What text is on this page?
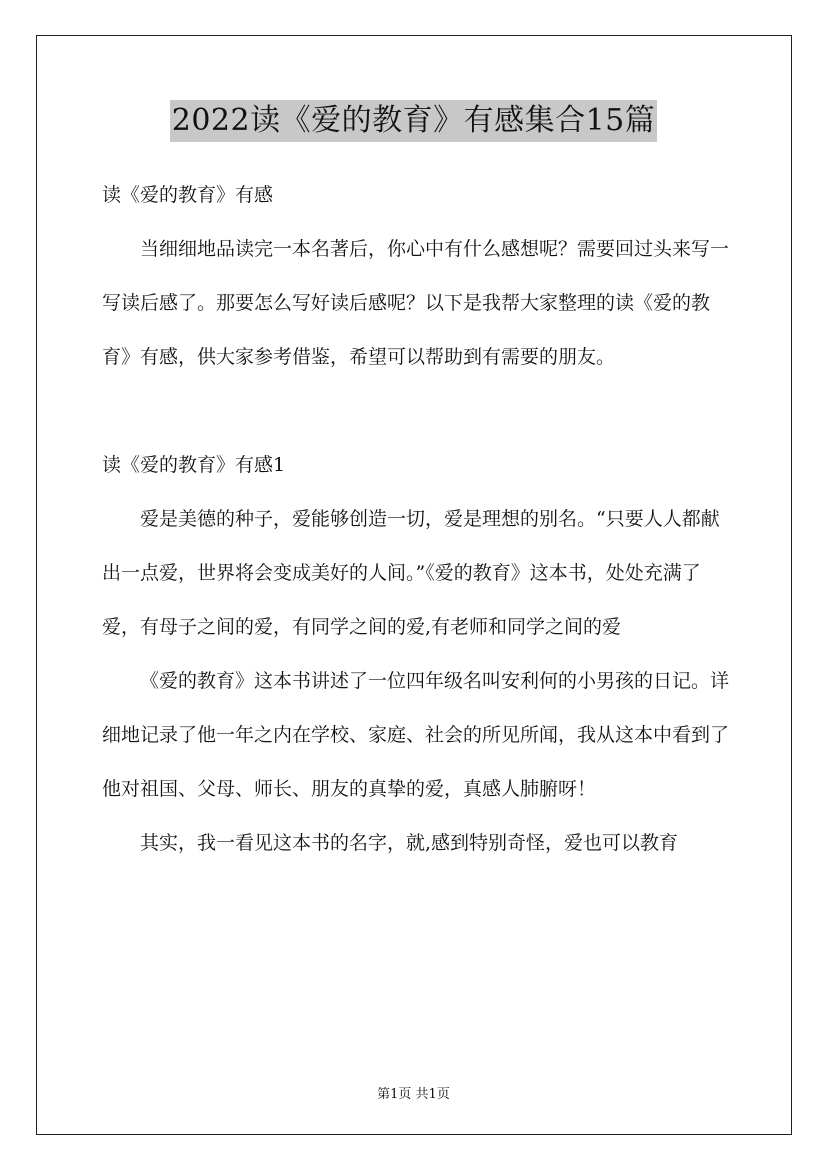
2022读《爱的教育》有感集合15篇

读《爱的教育》有感

当细细地品读完一本名著后，你心中有什么感想呢？需要回过头来写一写读后感了。那要怎么写好读后感呢？以下是我帮大家整理的读《爱的教育》有感，供大家参考借鉴，希望可以帮助到有需要的朋友。

读《爱的教育》有感1

爱是美德的种子，爱能够创造一切，爱是理想的别名。“只要人人都献出一点爱，世界将会变成美好的人间。”《爱的教育》这本书，处处充满了爱，有母子之间的爱，有同学之间的爱,有老师和同学之间的爱

《爱的教育》这本书讲述了一位四年级名叫安利何的小男孩的日记。详细地记录了他一年之内在学校、家庭、社会的所见所闻，我从这本中看到了他对祖国、父母、师长、朋友的真挚的爱，真感人肺腑呀！

其实，我一看见这本书的名字，就,感到特别奇怪，爱也可以教育

第1页 共1页
